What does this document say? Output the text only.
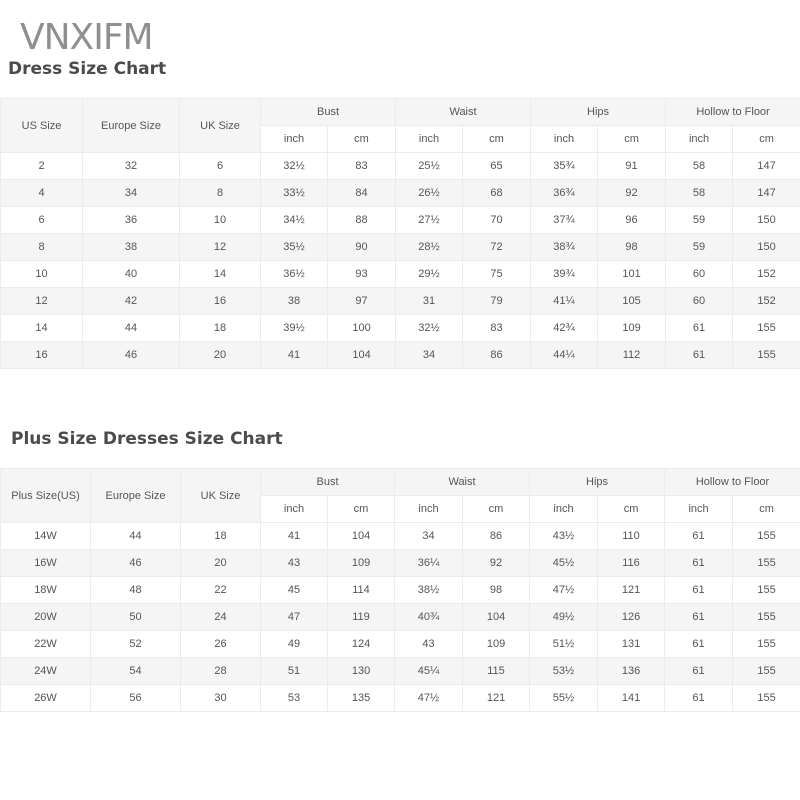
VNXIFM
Dress Size Chart
US Size	Europe Size	UK Size	Bust		Waist		Hips		Hollow to Floor	
			inch	cm	inch	cm	inch	cm	inch	cm
2	32	6	32½	83	25½	65	35¾	91	58	147
4	34	8	33½	84	26½	68	36¾	92	58	147
6	36	10	34½	88	27½	70	37¾	96	59	150
8	38	12	35½	90	28½	72	38¾	98	59	150
10	40	14	36½	93	29½	75	39¾	101	60	152
12	42	16	38	97	31	79	41¼	105	60	152
14	44	18	39½	100	32½	83	42¾	109	61	155
16	46	20	41	104	34	86	44¼	112	61	155
Plus Size Dresses Size Chart
Plus Size(US)	Europe Size	UK Size	Bust		Waist		Hips		Hollow to Floor	
			inch	cm	inch	cm	inch	cm	inch	cm
14W	44	18	41	104	34	86	43½	110	61	155
16W	46	20	43	109	36¼	92	45½	116	61	155
18W	48	22	45	114	38½	98	47½	121	61	155
20W	50	24	47	119	40¾	104	49½	126	61	155
22W	52	26	49	124	43	109	51½	131	61	155
24W	54	28	51	130	45¼	115	53½	136	61	155
26W	56	30	53	135	47½	121	55½	141	61	155
